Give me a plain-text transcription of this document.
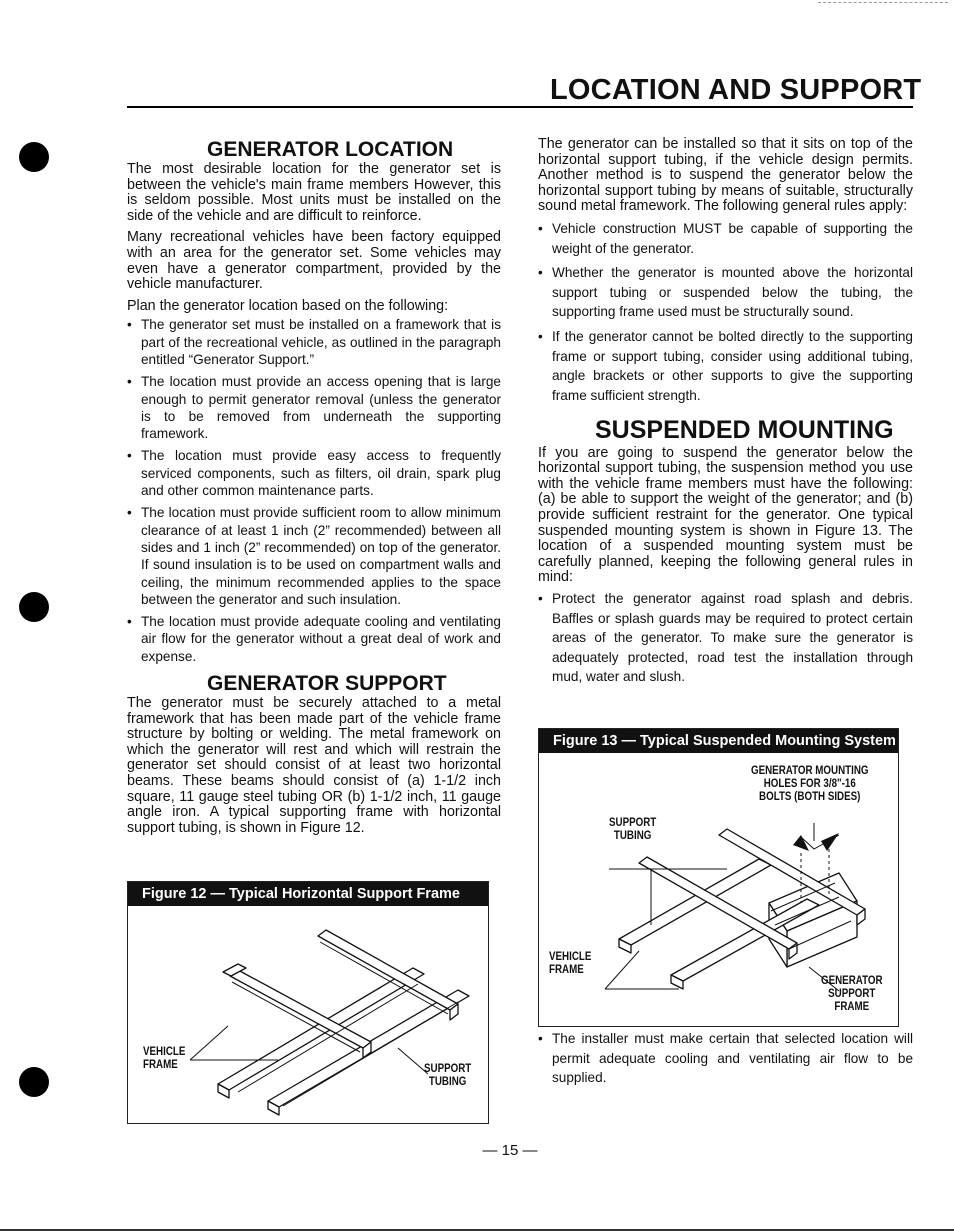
LOCATION AND SUPPORT
GENERATOR LOCATION

The most desirable location for the generator set is between the vehicle's main frame members However, this is seldom possible. Most units must be installed on the side of the vehicle and are difficult to reinforce.

Many recreational vehicles have been factory equipped with an area for the generator set. Some vehicles may even have a generator compartment, provided by the vehicle manufacturer.

Plan the generator location based on the following:

• The generator set must be installed on a framework that is part of the recreational vehicle, as outlined in the paragraph entitled “Generator Support.”
• The location must provide an access opening that is large enough to permit generator removal (unless the generator is to be removed from underneath the supporting framework.
• The location must provide easy access to frequently serviced components, such as filters, oil drain, spark plug and other common maintenance parts.
• The location must provide sufficient room to allow minimum clearance of at least 1 inch (2” recommended) between all sides and 1 inch (2” recommended) on top of the generator. If sound insulation is to be used on compartment walls and ceiling, the minimum recommended applies to the space between the generator and such insulation.
• The location must provide adequate cooling and ventilating air flow for the generator without a great deal of work and expense.
GENERATOR SUPPORT

The generator must be securely attached to a metal framework that has been made part of the vehicle frame structure by bolting or welding. The metal framework on which the generator will rest and which will restrain the generator set should consist of at least two horizontal beams. These beams should consist of (a) 1-1/2 inch square, 11 gauge steel tubing OR (b) 1-1/2 inch, 11 gauge angle iron. A typical supporting frame with horizontal support tubing, is shown in Figure 12.

Figure 12 — Typical Horizontal Support Frame
VEHICLE
FRAME	SUPPORT
TUBING

The generator can be installed so that it sits on top of the horizontal support tubing, if the vehicle design permits. Another method is to suspend the generator below the horizontal support tubing by means of suitable, structurally sound metal framework. The following general rules apply:

• Vehicle construction MUST be capable of supporting the weight of the generator.
• Whether the generator is mounted above the horizontal support tubing or suspended below the tubing, the supporting frame used must be structurally sound.
• If the generator cannot be bolted directly to the supporting frame or support tubing, consider using additional tubing, angle brackets or other supports to give the supporting frame sufficient strength.
SUSPENDED MOUNTING

If you are going to suspend the generator below the horizontal support tubing, the suspension method you use with the vehicle frame members must have the following: (a) be able to support the weight of the generator; and (b) provide sufficient restraint for the generator. One typical suspended mounting system is shown in Figure 13. The location of a suspended mounting system must be carefully planned, keeping the following general rules in mind:

• Protect the generator against road splash and debris. Baffles or splash guards may be required to protect certain areas of the generator. To make sure the generator is adequately protected, road test the installation through mud, water and slush.
Figure 13 — Typical Suspended Mounting System
GENERATOR MOUNTING
HOLES FOR 3/8"-16
BOLTS (BOTH SIDES)
SUPPORT
TUBING
VEHICLE
FRAME
GENERATOR
SUPPORT
FRAME
• The installer must make certain that selected location will permit adequate cooling and ventilating air flow to be supplied.
— 15 —
